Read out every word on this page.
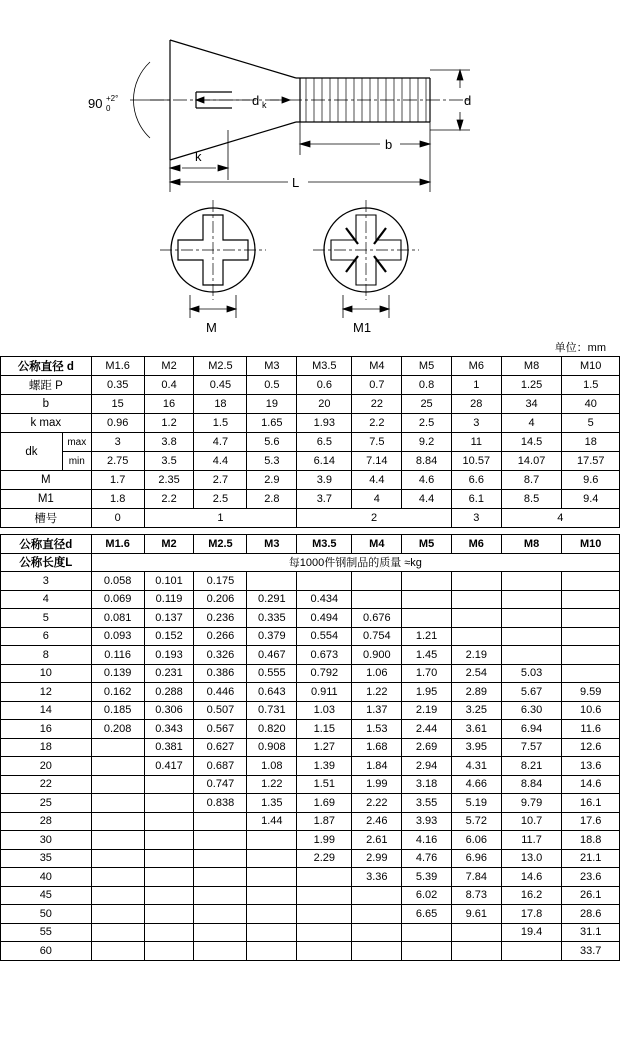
90 +2°
0
d k	d
k
b
L
M	M1
单位：mm
公称直径 d		M1.6	M2	M2.5	M3	M3.5	M4	M5	M6	M8	M10
螺距 P		0.35	0.4	0.45	0.5	0.6	0.7	0.8	1	1.25	1.5
b		15	16	18	19	20	22	25	28	34	40
k max		0.96	1.2	1.5	1.65	1.93	2.2	2.5	3	4	5
dk	max	3	3.8	4.7	5.6	6.5	7.5	9.2	11	14.5	18
	min	2.75	3.5	4.4	5.3	6.14	7.14	8.84	10.57	14.07	17.57
M		1.7	2.35	2.7	2.9	3.9	4.4	4.6	6.6	8.7	9.6
M1		1.8	2.2	2.5	2.8	3.7	4	4.4	6.1	8.5	9.4
槽号		0	1			2			3	4	
公称直径d	M1.6	M2	M2.5	M3	M3.5	M4	M5	M6	M8	M10
公称长度L	每1000件钢制品的质量 ≈kg									
3	0.058	0.101	0.175							
4	0.069	0.119	0.206	0.291	0.434					
5	0.081	0.137	0.236	0.335	0.494	0.676				
6	0.093	0.152	0.266	0.379	0.554	0.754	1.21			
8	0.116	0.193	0.326	0.467	0.673	0.900	1.45	2.19		
10	0.139	0.231	0.386	0.555	0.792	1.06	1.70	2.54	5.03	
12	0.162	0.288	0.446	0.643	0.911	1.22	1.95	2.89	5.67	9.59
14	0.185	0.306	0.507	0.731	1.03	1.37	2.19	3.25	6.30	10.6
16	0.208	0.343	0.567	0.820	1.15	1.53	2.44	3.61	6.94	11.6
18		0.381	0.627	0.908	1.27	1.68	2.69	3.95	7.57	12.6
20		0.417	0.687	1.08	1.39	1.84	2.94	4.31	8.21	13.6
22			0.747	1.22	1.51	1.99	3.18	4.66	8.84	14.6
25			0.838	1.35	1.69	2.22	3.55	5.19	9.79	16.1
28				1.44	1.87	2.46	3.93	5.72	10.7	17.6
30					1.99	2.61	4.16	6.06	11.7	18.8
35					2.29	2.99	4.76	6.96	13.0	21.1
40						3.36	5.39	7.84	14.6	23.6
45							6.02	8.73	16.2	26.1
50							6.65	9.61	17.8	28.6
55									19.4	31.1
60										33.7
